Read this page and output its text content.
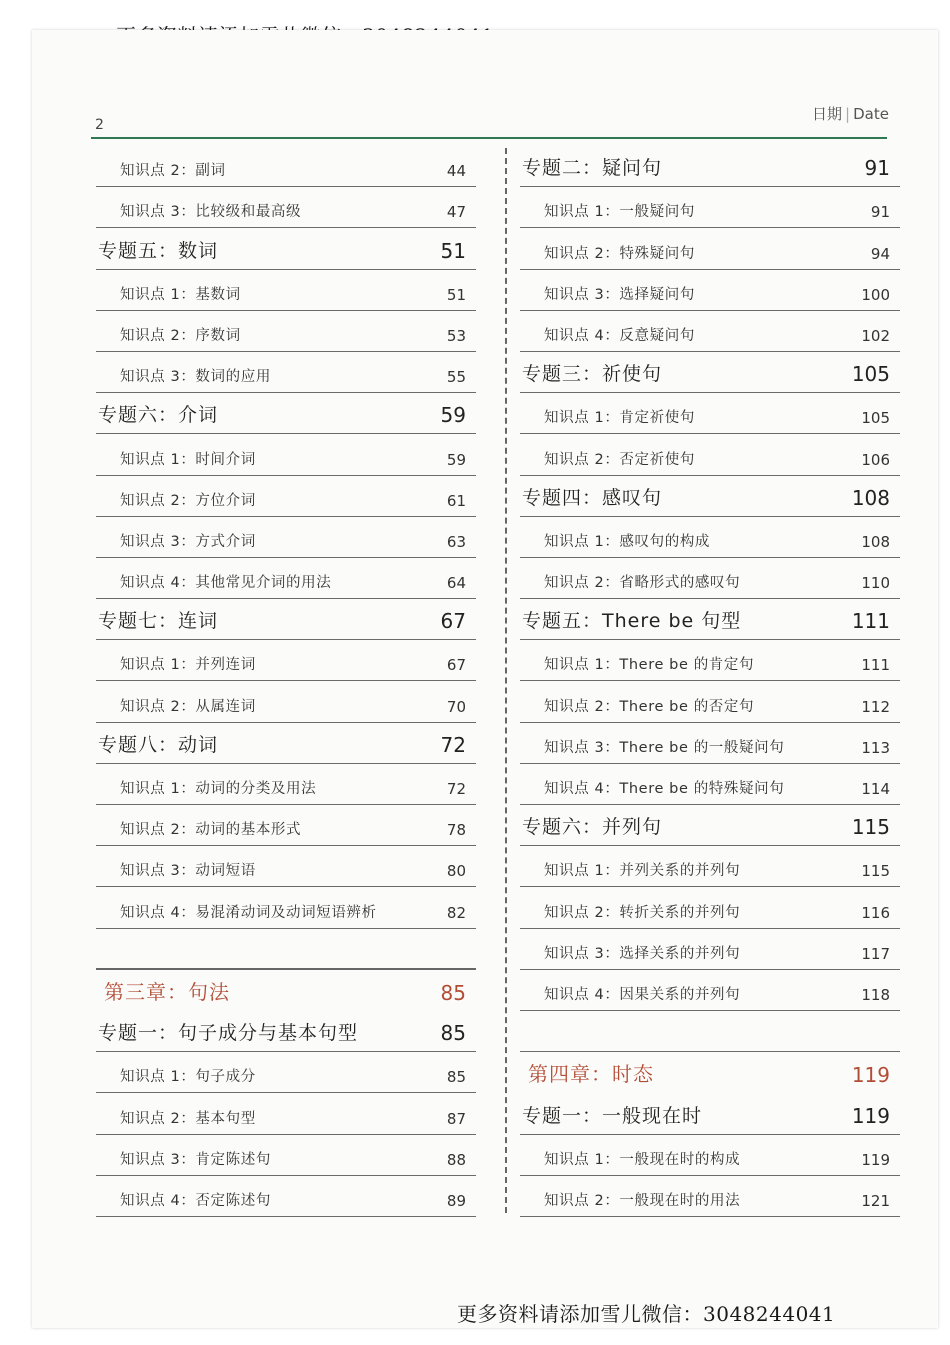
2
日期 | Date
知识点 2：副词	44
知识点 3：比较级和最高级	47
专题五：数词	51
知识点 1：基数词	51
知识点 2：序数词	53
知识点 3：数词的应用	55
专题六：介词	59
知识点 1：时间介词	59
知识点 2：方位介词	61
知识点 3：方式介词	63
知识点 4：其他常见介词的用法	64
专题七：连词	67
知识点 1：并列连词	67
知识点 2：从属连词	70
专题八：动词	72
知识点 1：动词的分类及用法	72
知识点 2：动词的基本形式	78
知识点 3：动词短语	80
知识点 4：易混淆动词及动词短语辨析	82
第三章：句法	85
专题一：句子成分与基本句型	85
知识点 1：句子成分	85
知识点 2：基本句型	87
知识点 3：肯定陈述句	88
知识点 4：否定陈述句	89
专题二：疑问句	91
知识点 1：一般疑问句	91
知识点 2：特殊疑问句	94
知识点 3：选择疑问句	100
知识点 4：反意疑问句	102
专题三：祈使句	105
知识点 1：肯定祈使句	105
知识点 2：否定祈使句	106
专题四：感叹句	108
知识点 1：感叹句的构成	108
知识点 2：省略形式的感叹句	110
专题五：There be 句型	111
知识点 1：There be 的肯定句	111
知识点 2：There be 的否定句	112
知识点 3：There be 的一般疑问句	113
知识点 4：There be 的特殊疑问句	114
专题六：并列句	115
知识点 1：并列关系的并列句	115
知识点 2：转折关系的并列句	116
知识点 3：选择关系的并列句	117
知识点 4：因果关系的并列句	118
第四章：时态	119
专题一：一般现在时	119
知识点 1：一般现在时的构成	119
知识点 2：一般现在时的用法	121
更多资料请添加雪儿微信：3048244041
